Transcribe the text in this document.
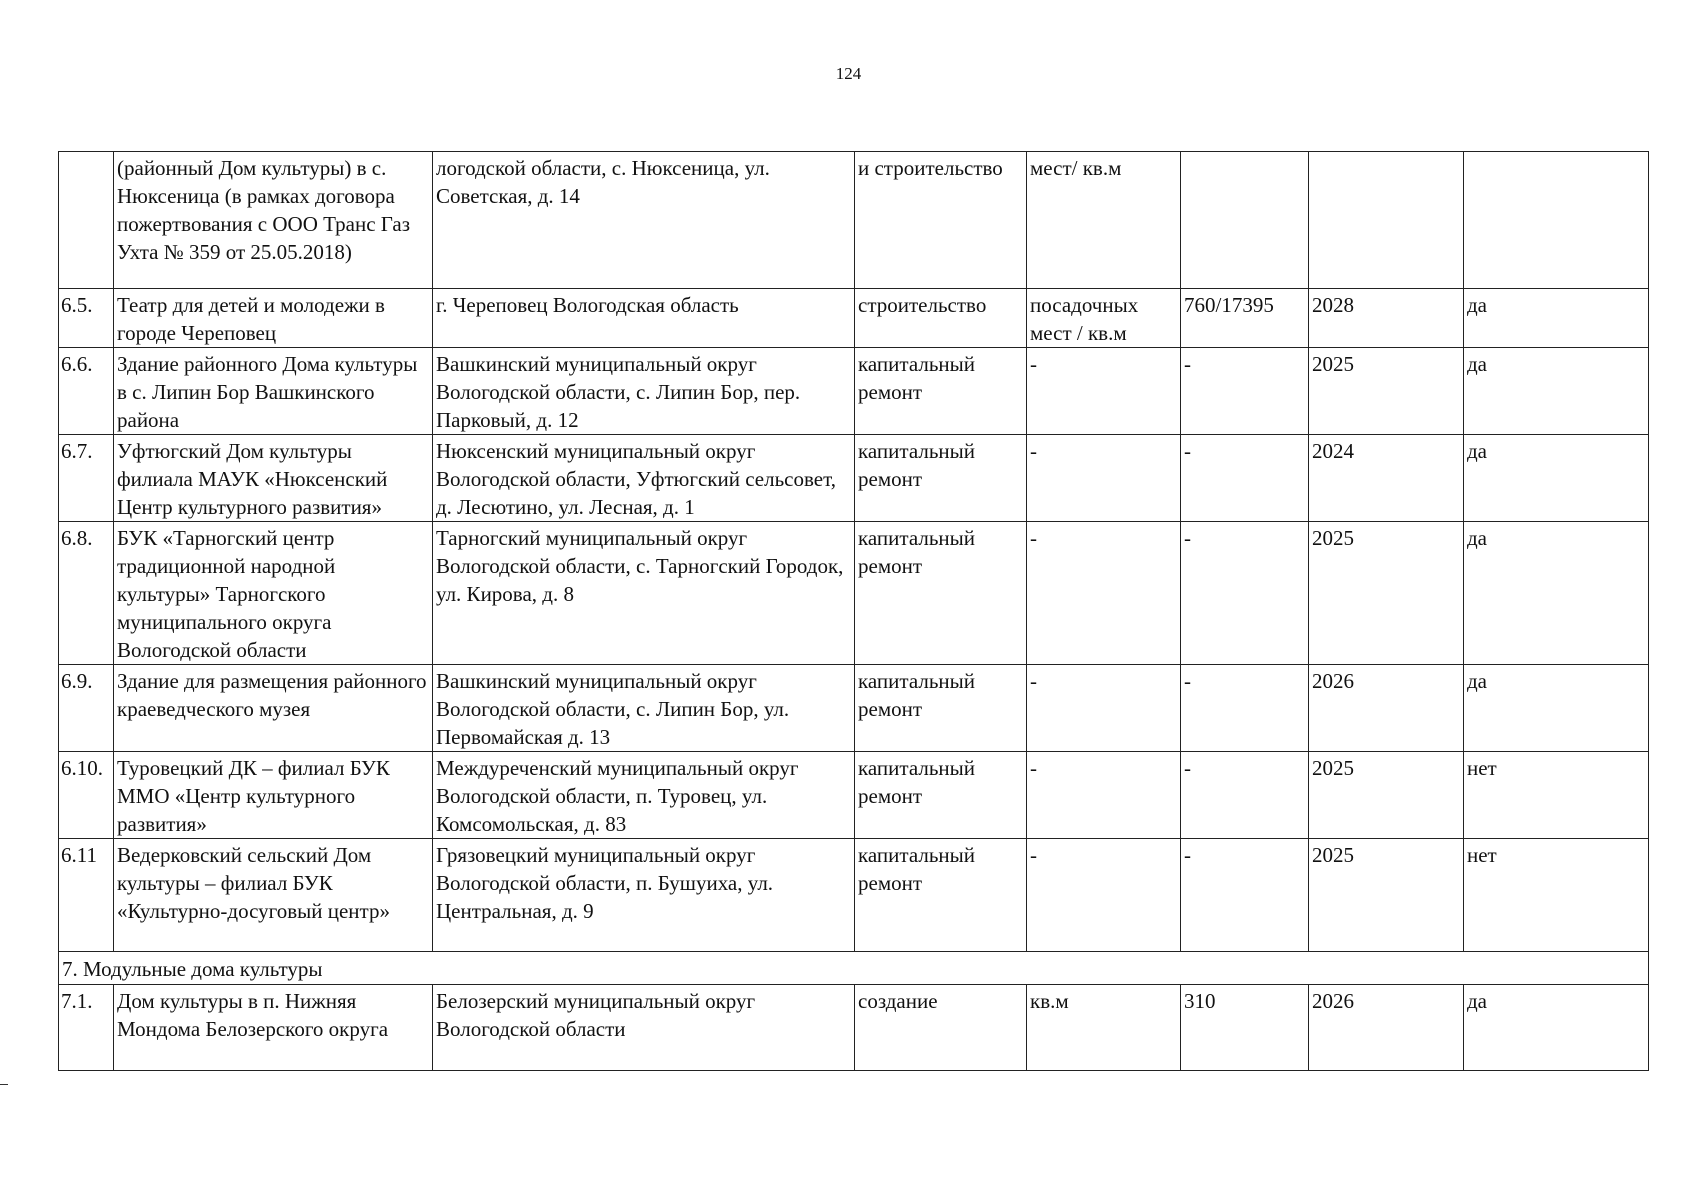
124
	(районный Дом культуры) в с. Нюксеница (в рамках договора пожертвования с ООО Транс Газ Ухта № 359 от 25.05.2018)	логодской области, с. Нюксеница, ул. Советская, д. 14	и строительство	мест/ кв.м			
6.5.	Театр для детей и молодежи в городе Череповец	г. Череповец Вологодская область	строительство	посадочных мест / кв.м	760/17395	2028	да
6.6.	Здание районного Дома культуры в с. Липин Бор Вашкинского района	Вашкинский муниципальный округ Вологодской области, с. Липин Бор, пер. Парковый, д. 12	капитальный ремонт	-	-	2025	да
6.7.	Уфтюгский Дом культуры филиала МАУК «Нюксенский Центр культурного развития»	Нюксенский муниципальный округ Вологодской области, Уфтюгский сельсовет, д. Лесютино, ул. Лесная, д. 1	капитальный ремонт	-	-	2024	да
6.8.	БУК «Тарногский центр традиционной народной культуры» Тарногского муниципального округа Вологодской области	Тарногский муниципальный округ Вологодской области, с. Тарногский Городок, ул. Кирова, д. 8	капитальный ремонт	-	-	2025	да
6.9.	Здание для размещения районного краеведческого музея	Вашкинский муниципальный округ Вологодской области, с. Липин Бор, ул. Первомайская д. 13	капитальный ремонт	-	-	2026	да
6.10.	Туровецкий ДК – филиал БУК ММО «Центр культурного развития»	Междуреченский муниципальный округ Вологодской области, п. Туровец, ул. Комсомольская, д. 83	капитальный ремонт	-	-	2025	нет
6.11	Ведерковский сельский Дом культуры – филиал БУК «Культурно-досуговый центр»	Грязовецкий муниципальный округ Вологодской области, п. Бушуиха, ул. Центральная, д. 9	капитальный ремонт	-	-	2025	нет
7. Модульные дома культуры							
7.1.	Дом культуры в п. Нижняя Мондома Белозерского округа	Белозерский муниципальный округ Вологодской области	создание	кв.м	310	2026	да
